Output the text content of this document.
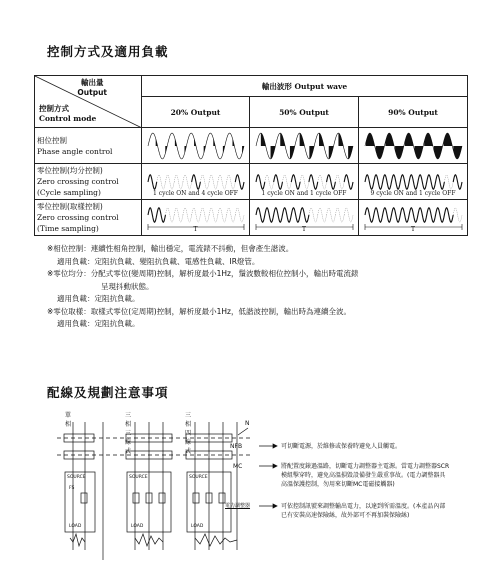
控制方式及適用負載
輸出量
Output
控制方式
Control mode	輸出波形 Output wave		
	20% Output	50% Output	90% Output

相位控制
Phase angle control

零位控制(均分控制)
Zero crossing control
(Cycle sampling)	1 cycle ON and 4 cycle OFF	1 cycle ON and 1 cycle OFF	9 cycle ON and 1 cycle OFF

零位控制(取樣控制)
Zero crossing control
(Time sampling)	T	T	T

※相位控制：連續性相角控制，輸出穩定，電流錶不抖動，但會產生諧波。

適用負載：定阻抗負載、變阻抗負載、電感性負載、IR燈管。

※零位均分：分配式零位(變周期)控制，解析度最小1Hz，鬚波數較相位控制小，輸出時電流錶

呈現抖動狀態。

適用負載：定阻抗負載。

※零位取樣：取樣式零位(定周期)控制，解析度最小1Hz，低諧波控制，輸出時為連續全波。

適用負載：定阻抗負載。

配線及規劃注意事項
單相
三相三線式
三相四線式
N
SOURCE	SOURCE	SOURCE
FS
LOAD	LOAD	LOAD
NFB	可切斷電源，於維修或保養時避免人員觸電。
MC	將配置度錶過溫路，切斷電力調整器主電源。當電力調整器SCR模組擊穿時，避免高溫損毀設備發生嚴重事故。(電力調整器具高溫保護控制，勿用來切斷MC電磁接觸器)
電力調整器	可依控制訊號來調整輸出電力，以達到所需溫度。(本產品內部已有安裝高速保險絲，故外部可不再加裝保險絲)
